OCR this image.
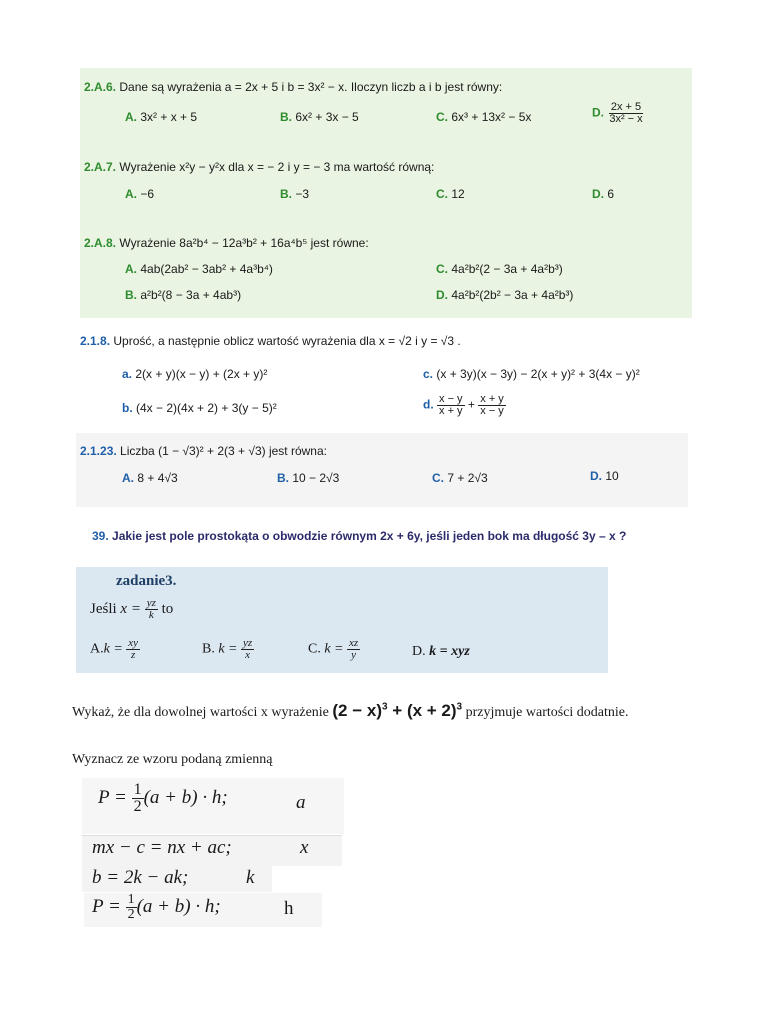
2.A.6. Dane są wyrażenia a = 2x + 5 i b = 3x² − x. Iloczyn liczb a i b jest równy:
A. 3x² + x + 5	B. 6x² + 3x − 5	C. 6x³ + 13x² − 5x	D. $\frac{2x + 5}{\text{3x² − x}}$
2.A.7. Wyrażenie x²y − y²x dla x = − 2 i y = − 3 ma wartość równą:
A. −6	B. −3	C. 12	D. 6
2.A.8. Wyrażenie 8a²b⁴ − 12a³b² + 16a⁴b⁵ jest równe:
A. 4ab(2ab² − 3ab² + 4a³b⁴)
B. a²b²(8 − 3a + 4ab³)
C. 4a²b²(2 − 3a + 4a²b³)
D. 4a²b²(2b² − 3a + 4a²b³)
2.1.8. Uprość, a następnie oblicz wartość wyrażenia dla x = √2 i y = √3 .
a. 2(x + y)(x − y) + (2x + y)²
b. (4x − 2)(4x + 2) + 3(y − 5)²
c. (x + 3y)(x − 3y) − 2(x + y)² + 3(4x − y)²
d. $\frac{x - y}{x + y} + \frac{x + y}{x - y}$
2.1.23. Liczba (1 − √3)² + 2(3 + √3) jest równa:
A. 8 + 4√3	B. 10 − 2√3	C. 7 + 2√3	D. 10
39. Jakie jest pole prostokąta o obwodzie równym 2x + 6y, jeśli jeden bok ma długość 3y – x ?
zadanie3.
Jeśli $x = \frac{yz}{k}$ to
$A.k = \frac{xy}{z}$	B. $k = \frac{yz}{x}$	C. $k = \frac{xz}{y}$	D. k = xyz
Wykaż, że dla dowolnej wartości x wyrażenie $(2 - x)^3 + (x + 2)^3$ przyjmuje wartości dodatnie.
Wyznacz ze wzoru podaną zmienną
$P = \frac{1}{2} (a + b) \cdot h$;	a
mx − c = nx + ac;	x
b = 2k − ak;	k
$P = \frac{1}{2} (a + b) \cdot h$;	h
